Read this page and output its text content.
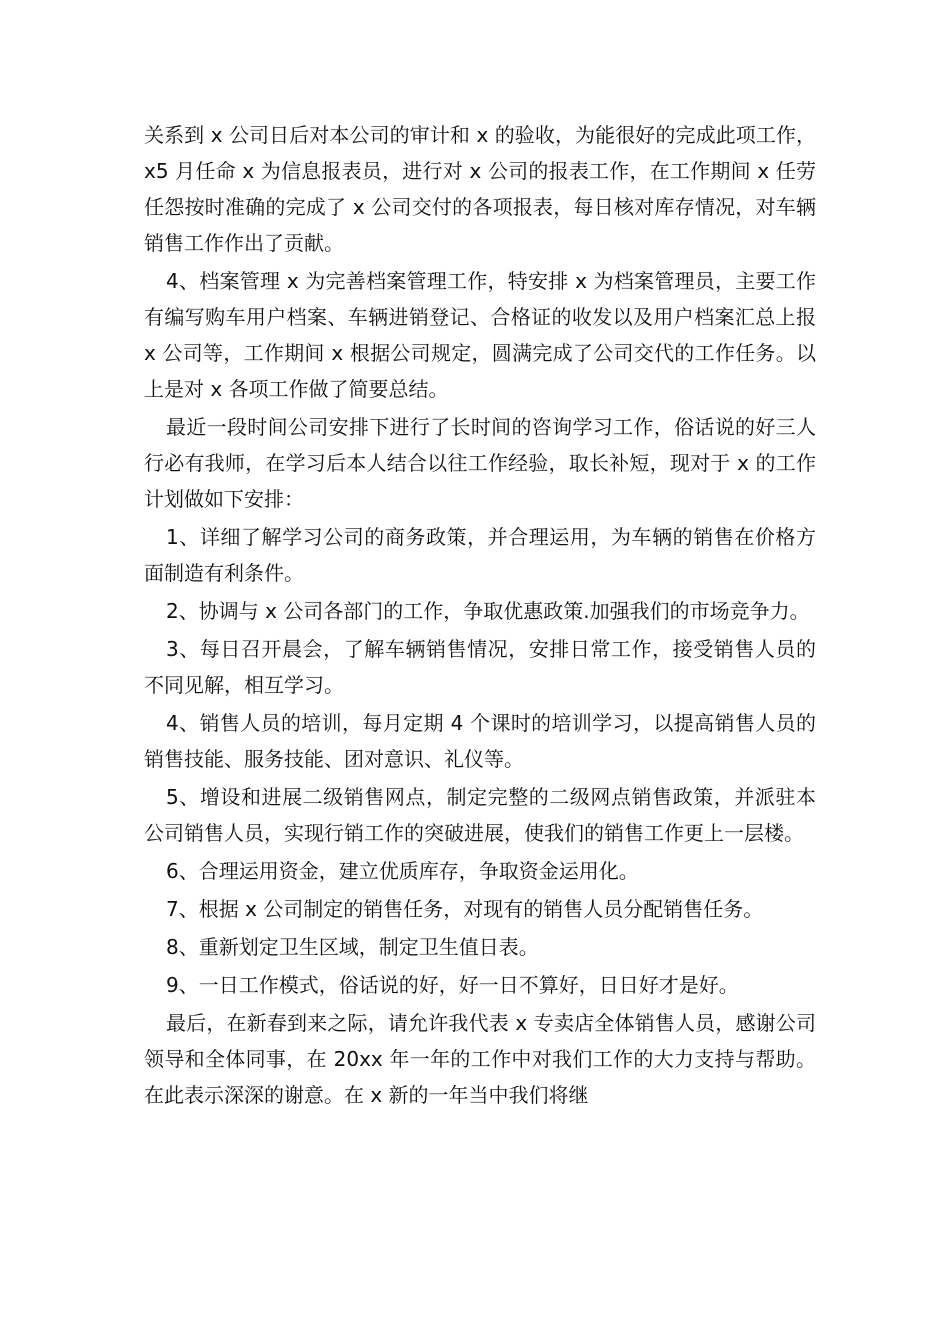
关系到 x 公司日后对本公司的审计和 x 的验收，为能很好的完成此项工作，x5 月任命 x 为信息报表员，进行对 x 公司的报表工作，在工作期间 x 任劳任怨按时准确的完成了 x 公司交付的各项报表，每日核对库存情况，对车辆销售工作作出了贡献。

4、档案管理 x 为完善档案管理工作，特安排 x 为档案管理员，主要工作有编写购车用户档案、车辆进销登记、合格证的收发以及用户档案汇总上报 x 公司等，工作期间 x 根据公司规定，圆满完成了公司交代的工作任务。以上是对 x 各项工作做了简要总结。

最近一段时间公司安排下进行了长时间的咨询学习工作，俗话说的好三人行必有我师，在学习后本人结合以往工作经验，取长补短，现对于 x 的工作计划做如下安排：

1、详细了解学习公司的商务政策，并合理运用，为车辆的销售在价格方面制造有利条件。

2、协调与 x 公司各部门的工作，争取优惠政策.加强我们的市场竞争力。

3、每日召开晨会，了解车辆销售情况，安排日常工作，接受销售人员的不同见解，相互学习。

4、销售人员的培训，每月定期 4 个课时的培训学习，以提高销售人员的销售技能、服务技能、团对意识、礼仪等。

5、增设和进展二级销售网点，制定完整的二级网点销售政策，并派驻本公司销售人员，实现行销工作的突破进展，使我们的销售工作更上一层楼。

6、合理运用资金，建立优质库存，争取资金运用化。

7、根据 x 公司制定的销售任务，对现有的销售人员分配销售任务。

8、重新划定卫生区域，制定卫生值日表。

9、一日工作模式，俗话说的好，好一日不算好，日日好才是好。

最后，在新春到来之际，请允许我代表 x 专卖店全体销售人员，感谢公司领导和全体同事，在 20xx 年一年的工作中对我们工作的大力支持与帮助。在此表示深深的谢意。在 x 新的一年当中我们将继
